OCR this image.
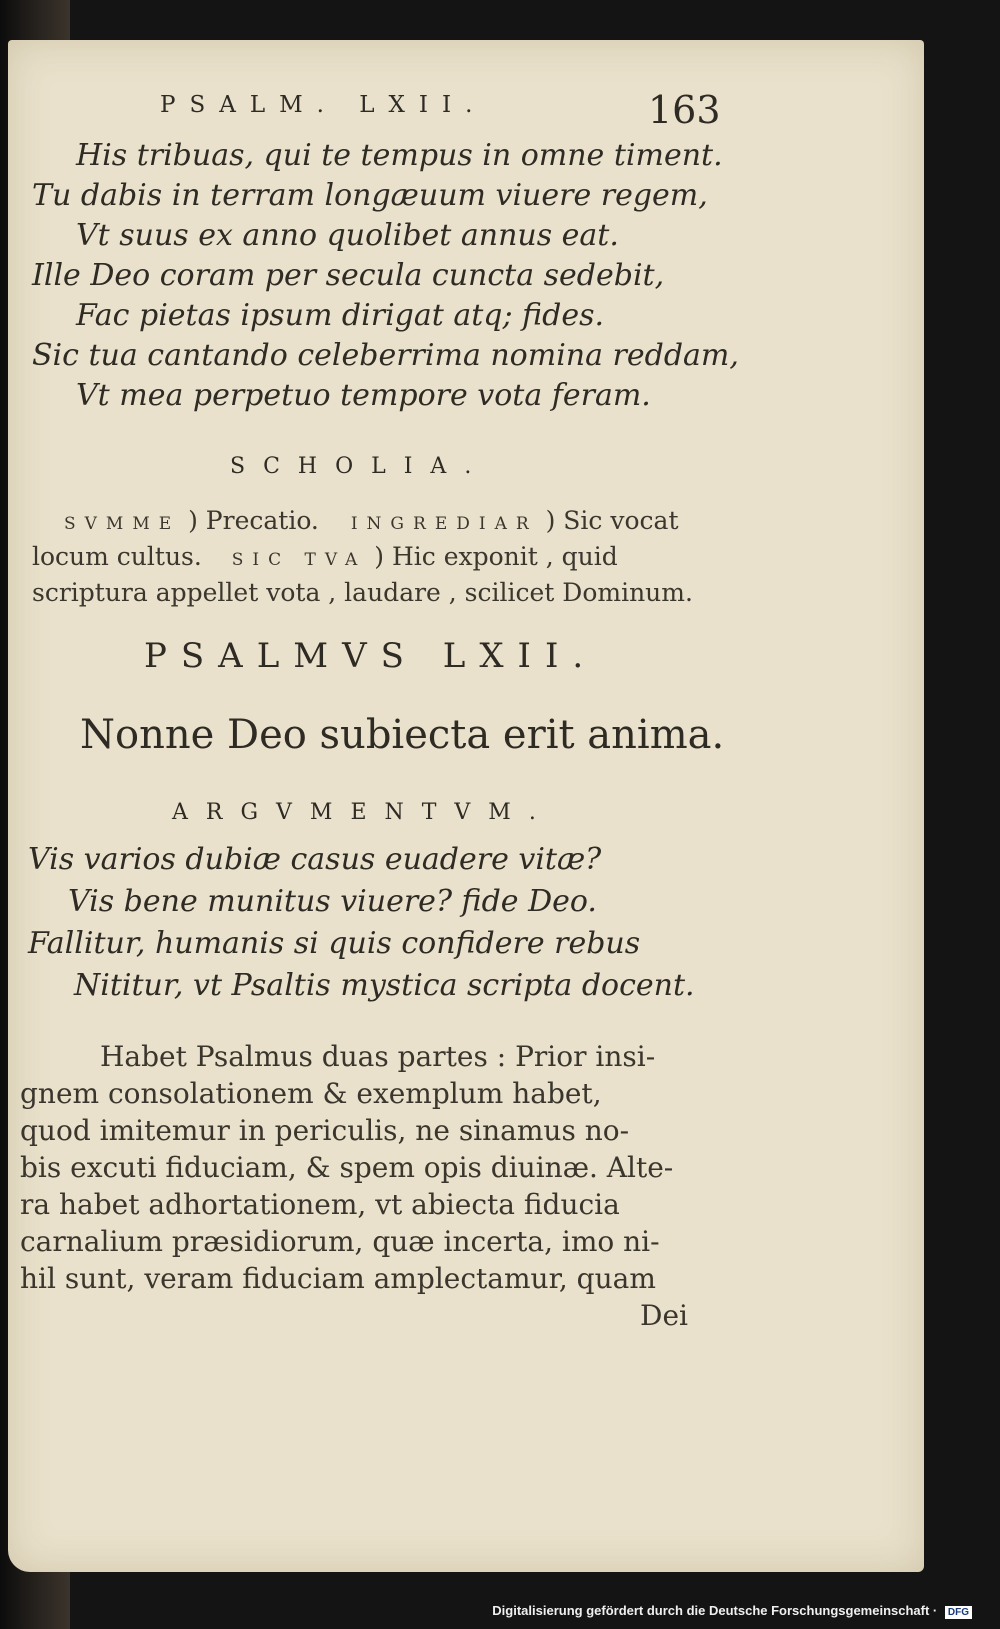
PSALM. LXII.	163
His tribuas, qui te tempus in omne timent.
Tu dabis in terram longæuum viuere regem,
Vt suus ex anno quolibet annus eat.
Ille Deo coram per secula cuncta sedebit,
Fac pietas ipsum dirigat atq; fides.
Sic tua cantando celeberrima nomina reddam,
Vt mea perpetuo tempore vota feram.
SCHOLIA.
SVMME ) Precatio. INGREDIAR ) Sic vocat
locum cultus. SIC TVA ) Hic exponit , quid
scriptura appellet vota , laudare , scilicet Dominum.
PSALMVS LXII.
Nonne Deo subiecta erit anima.
ARGVMENTVM.
Vis varios dubiæ casus euadere vitæ?
Vis bene munitus viuere? fide Deo.
Fallitur, humanis si quis confidere rebus
Nititur, vt Psaltis mystica scripta docent.
Habet Psalmus duas partes : Prior insi-
gnem consolationem & exemplum habet,
quod imitemur in periculis, ne sinamus no-
bis excuti fiduciam, & spem opis diuinæ. Alte-
ra habet adhortationem, vt abiecta fiducia
carnalium præsidiorum, quæ incerta, imo ni-
hil sunt, veram fiduciam amplectamur, quam
Dei
Digitalisierung gefördert durch die Deutsche Forschungsgemeinschaft · DFG
